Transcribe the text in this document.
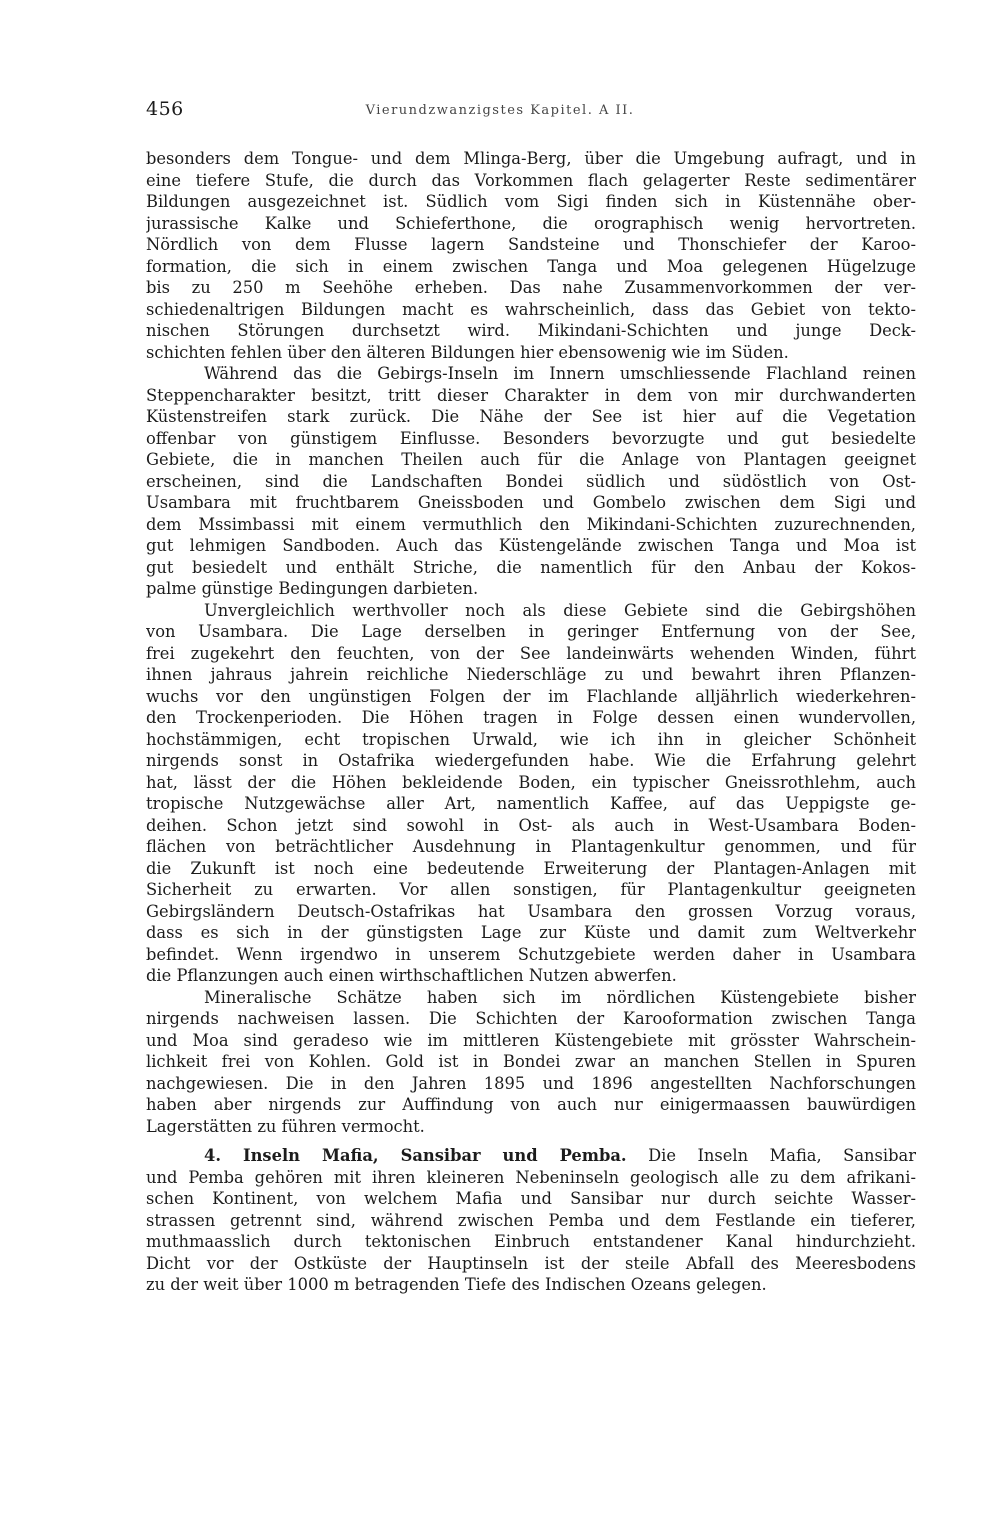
456	Vierundzwanzigstes Kapitel. A II.
besonders dem Tongue- und dem Mlinga-Berg, über die Umgebung aufragt, und in
eine tiefere Stufe, die durch das Vorkommen flach gelagerter Reste sedimentärer
Bildungen ausgezeichnet ist. Südlich vom Sigi finden sich in Küstennähe ober-
jurassische Kalke und Schieferthone, die orographisch wenig hervortreten.
Nördlich von dem Flusse lagern Sandsteine und Thonschiefer der Karoo-
formation, die sich in einem zwischen Tanga und Moa gelegenen Hügelzuge
bis zu 250 m Seehöhe erheben. Das nahe Zusammenvorkommen der ver-
schiedenaltrigen Bildungen macht es wahrscheinlich, dass das Gebiet von tekto-
nischen Störungen durchsetzt wird. Mikindani-Schichten und junge Deck-
schichten fehlen über den älteren Bildungen hier ebensowenig wie im Süden.
Während das die Gebirgs-Inseln im Innern umschliessende Flachland reinen
Steppencharakter besitzt, tritt dieser Charakter in dem von mir durchwanderten
Küstenstreifen stark zurück. Die Nähe der See ist hier auf die Vegetation
offenbar von günstigem Einflusse. Besonders bevorzugte und gut besiedelte
Gebiete, die in manchen Theilen auch für die Anlage von Plantagen geeignet
erscheinen, sind die Landschaften Bondei südlich und südöstlich von Ost-
Usambara mit fruchtbarem Gneissboden und Gombelo zwischen dem Sigi und
dem Mssimbassi mit einem vermuthlich den Mikindani-Schichten zuzurechnenden,
gut lehmigen Sandboden. Auch das Küstengelände zwischen Tanga und Moa ist
gut besiedelt und enthält Striche, die namentlich für den Anbau der Kokos-
palme günstige Bedingungen darbieten.
Unvergleichlich werthvoller noch als diese Gebiete sind die Gebirgshöhen
von Usambara. Die Lage derselben in geringer Entfernung von der See,
frei zugekehrt den feuchten, von der See landeinwärts wehenden Winden, führt
ihnen jahraus jahrein reichliche Niederschläge zu und bewahrt ihren Pflanzen-
wuchs vor den ungünstigen Folgen der im Flachlande alljährlich wiederkehren-
den Trockenperioden. Die Höhen tragen in Folge dessen einen wundervollen,
hochstämmigen, echt tropischen Urwald, wie ich ihn in gleicher Schönheit
nirgends sonst in Ostafrika wiedergefunden habe. Wie die Erfahrung gelehrt
hat, lässt der die Höhen bekleidende Boden, ein typischer Gneissrothlehm, auch
tropische Nutzgewächse aller Art, namentlich Kaffee, auf das Ueppigste ge-
deihen. Schon jetzt sind sowohl in Ost- als auch in West-Usambara Boden-
flächen von beträchtlicher Ausdehnung in Plantagenkultur genommen, und für
die Zukunft ist noch eine bedeutende Erweiterung der Plantagen-Anlagen mit
Sicherheit zu erwarten. Vor allen sonstigen, für Plantagenkultur geeigneten
Gebirgsländern Deutsch-Ostafrikas hat Usambara den grossen Vorzug voraus,
dass es sich in der günstigsten Lage zur Küste und damit zum Weltverkehr
befindet. Wenn irgendwo in unserem Schutzgebiete werden daher in Usambara
die Pflanzungen auch einen wirthschaftlichen Nutzen abwerfen.
Mineralische Schätze haben sich im nördlichen Küstengebiete bisher
nirgends nachweisen lassen. Die Schichten der Karooformation zwischen Tanga
und Moa sind geradeso wie im mittleren Küstengebiete mit grösster Wahrschein-
lichkeit frei von Kohlen. Gold ist in Bondei zwar an manchen Stellen in Spuren
nachgewiesen. Die in den Jahren 1895 und 1896 angestellten Nachforschungen
haben aber nirgends zur Auffindung von auch nur einigermaassen bauwürdigen
Lagerstätten zu führen vermocht.
4. Inseln Mafia, Sansibar und Pemba. Die Inseln Mafia, Sansibar
und Pemba gehören mit ihren kleineren Nebeninseln geologisch alle zu dem afrikani-
schen Kontinent, von welchem Mafia und Sansibar nur durch seichte Wasser-
strassen getrennt sind, während zwischen Pemba und dem Festlande ein tieferer,
muthmaasslich durch tektonischen Einbruch entstandener Kanal hindurchzieht.
Dicht vor der Ostküste der Hauptinseln ist der steile Abfall des Meeresbodens
zu der weit über 1000 m betragenden Tiefe des Indischen Ozeans gelegen.
